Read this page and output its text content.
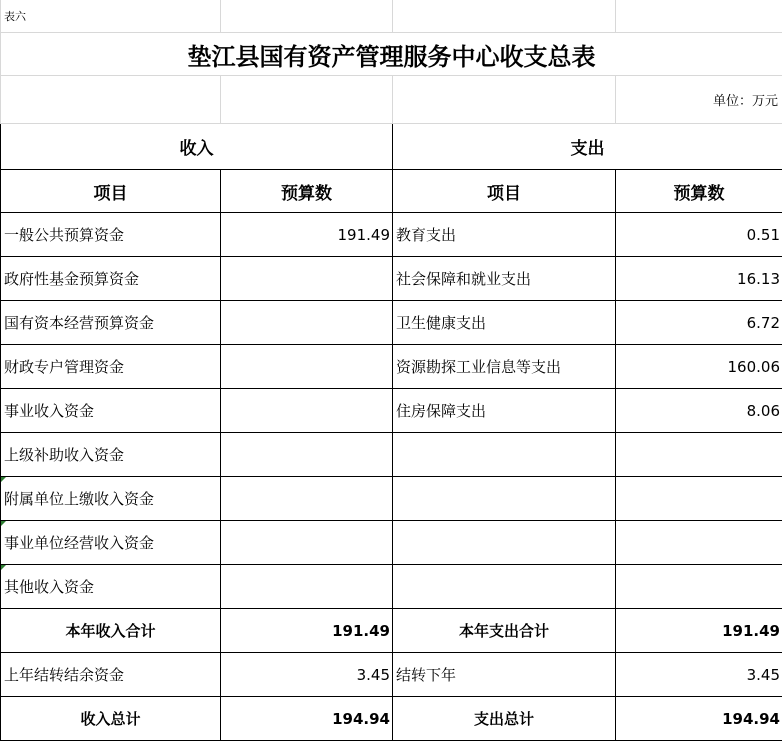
表六			
垫江县国有资产管理服务中心收支总表			
			单位：万元
收入		支出	
项目	预算数	项目	预算数
一般公共预算资金	191.49	教育支出	0.51
政府性基金预算资金		社会保障和就业支出	16.13
国有资本经营预算资金		卫生健康支出	6.72
财政专户管理资金		资源勘探工业信息等支出	160.06
事业收入资金		住房保障支出	8.06
上级补助收入资金			
附属单位上缴收入资金			
事业单位经营收入资金			
其他收入资金			
本年收入合计	191.49	本年支出合计	191.49
上年结转结余资金	3.45	结转下年	3.45
收入总计	194.94	支出总计	194.94
